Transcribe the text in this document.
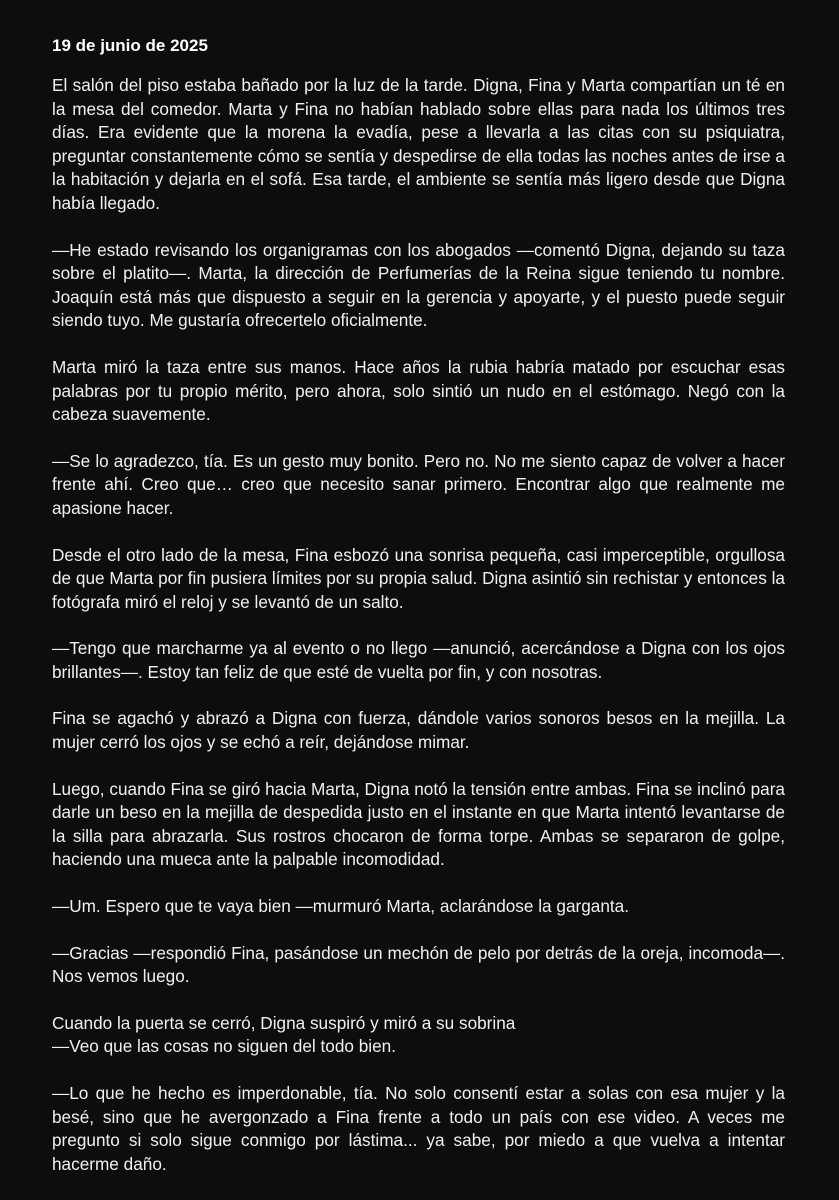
19 de junio de 2025

El salón del piso estaba bañado por la luz de la tarde. Digna, Fina y Marta compartían un té en la mesa del comedor. Marta y Fina no habían hablado sobre ellas para nada los últimos tres días. Era evidente que la morena la evadía, pese a llevarla a las citas con su psiquiatra, preguntar constantemente cómo se sentía y despedirse de ella todas las noches antes de irse a la habitación y dejarla en el sofá. Esa tarde, el ambiente se sentía más ligero desde que Digna había llegado.

—He estado revisando los organigramas con los abogados —comentó Digna, dejando su taza sobre el platito—. Marta, la dirección de Perfumerías de la Reina sigue teniendo tu nombre. Joaquín está más que dispuesto a seguir en la gerencia y apoyarte, y el puesto puede seguir siendo tuyo. Me gustaría ofrecertelo oficialmente.

Marta miró la taza entre sus manos. Hace años la rubia habría matado por escuchar esas palabras por tu propio mérito, pero ahora, solo sintió un nudo en el estómago. Negó con la cabeza suavemente.

—Se lo agradezco, tía. Es un gesto muy bonito. Pero no. No me siento capaz de volver a hacer frente ahí. Creo que… creo que necesito sanar primero. Encontrar algo que realmente me apasione hacer.

Desde el otro lado de la mesa, Fina esbozó una sonrisa pequeña, casi imperceptible, orgullosa de que Marta por fin pusiera límites por su propia salud. Digna asintió sin rechistar y entonces la fotógrafa miró el reloj y se levantó de un salto.

—Tengo que marcharme ya al evento o no llego —anunció, acercándose a Digna con los ojos brillantes—. Estoy tan feliz de que esté de vuelta por fin, y con nosotras.

Fina se agachó y abrazó a Digna con fuerza, dándole varios sonoros besos en la mejilla. La mujer cerró los ojos y se echó a reír, dejándose mimar.

Luego, cuando Fina se giró hacia Marta, Digna notó la tensión entre ambas. Fina se inclinó para darle un beso en la mejilla de despedida justo en el instante en que Marta intentó levantarse de la silla para abrazarla. Sus rostros chocaron de forma torpe. Ambas se separaron de golpe, haciendo una mueca ante la palpable incomodidad.

—Um. Espero que te vaya bien —murmuró Marta, aclarándose la garganta.

—Gracias —respondió Fina, pasándose un mechón de pelo por detrás de la oreja, incomoda—. Nos vemos luego.

Cuando la puerta se cerró, Digna suspiró y miró a su sobrina
—Veo que las cosas no siguen del todo bien.

—Lo que he hecho es imperdonable, tía. No solo consentí estar a solas con esa mujer y la besé, sino que he avergonzado a Fina frente a todo un país con ese video. A veces me pregunto si solo sigue conmigo por lástima... ya sabe, por miedo a que vuelva a intentar hacerme daño.
